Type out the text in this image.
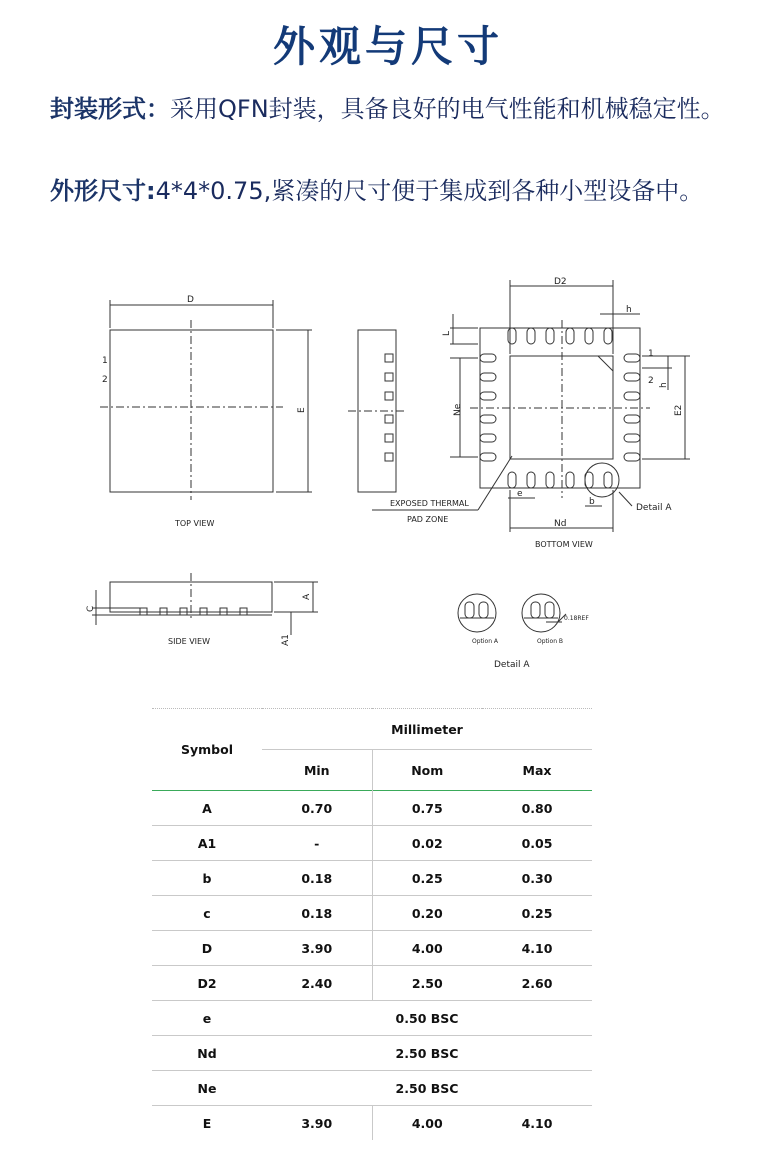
外观与尺寸
封装形式：采用QFN封装，具备良好的电气性能和机械稳定性。
外形尺寸:4*4*0.75,紧凑的尺寸便于集成到各种小型设备中。
D
1
2
E
TOP VIEW
D2
h
L
Ne
1
2 h
E2
e
b
Nd
Detail A
EXPOSED THERMAL
PAD ZONE
BOTTOM VIEW
C
A
A1
SIDE VIEW	Option A	Option B
0.18REF
Detail A
Symbol	Millimeter		
	Min	Nom	Max
A	0.70	0.75	0.80
A1	-	0.02	0.05
b	0.18	0.25	0.30
c	0.18	0.20	0.25
D	3.90	4.00	4.10
D2	2.40	2.50	2.60
e	0.50 BSC		
Nd	2.50 BSC		
Ne	2.50 BSC		
E	3.90	4.00	4.10
